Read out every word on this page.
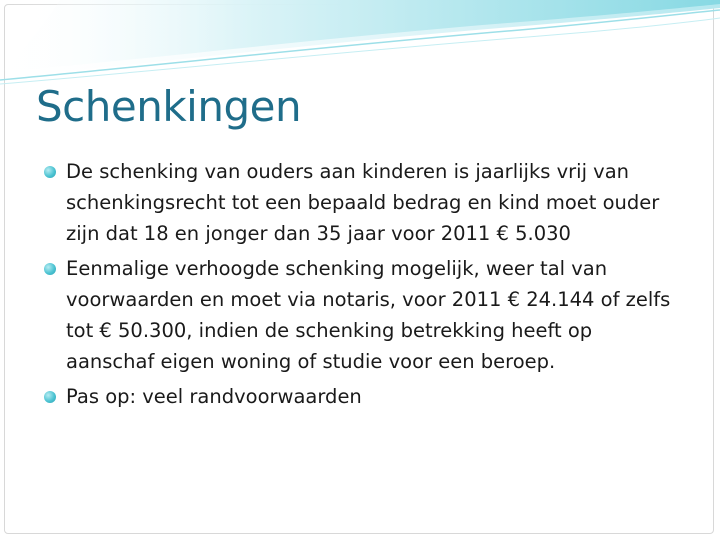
Schenkingen
De schenking van ouders aan kinderen is jaarlijks vrij van schenkingsrecht tot een bepaald bedrag en kind moet ouder zijn dat 18 en jonger dan 35 jaar voor 2011 € 5.030
Eenmalige verhoogde schenking mogelijk, weer tal van voorwaarden en moet via notaris, voor 2011 € 24.144 of zelfs tot € 50.300, indien de schenking betrekking heeft op aanschaf eigen woning of studie voor een beroep.
Pas op: veel randvoorwaarden
